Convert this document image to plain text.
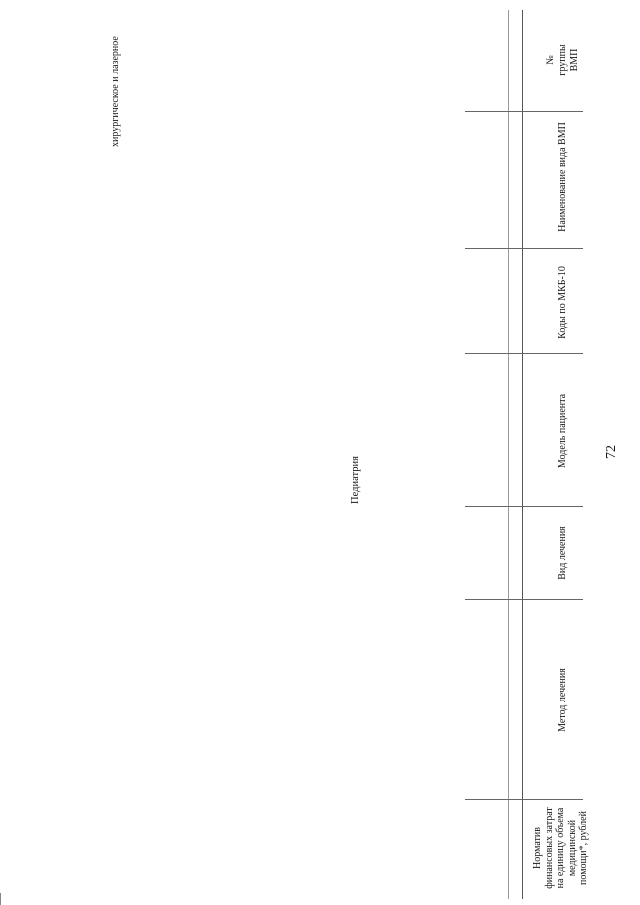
72
№ группы ВМП
Наименование вида ВМП
Коды по МКБ-10
Модель пациента
Вид лечения
Метод лечения
Норматив финансовых затрат на единицу объема медицинской помощи*, рублей
хирургическое и лазерное
Педиатрия
